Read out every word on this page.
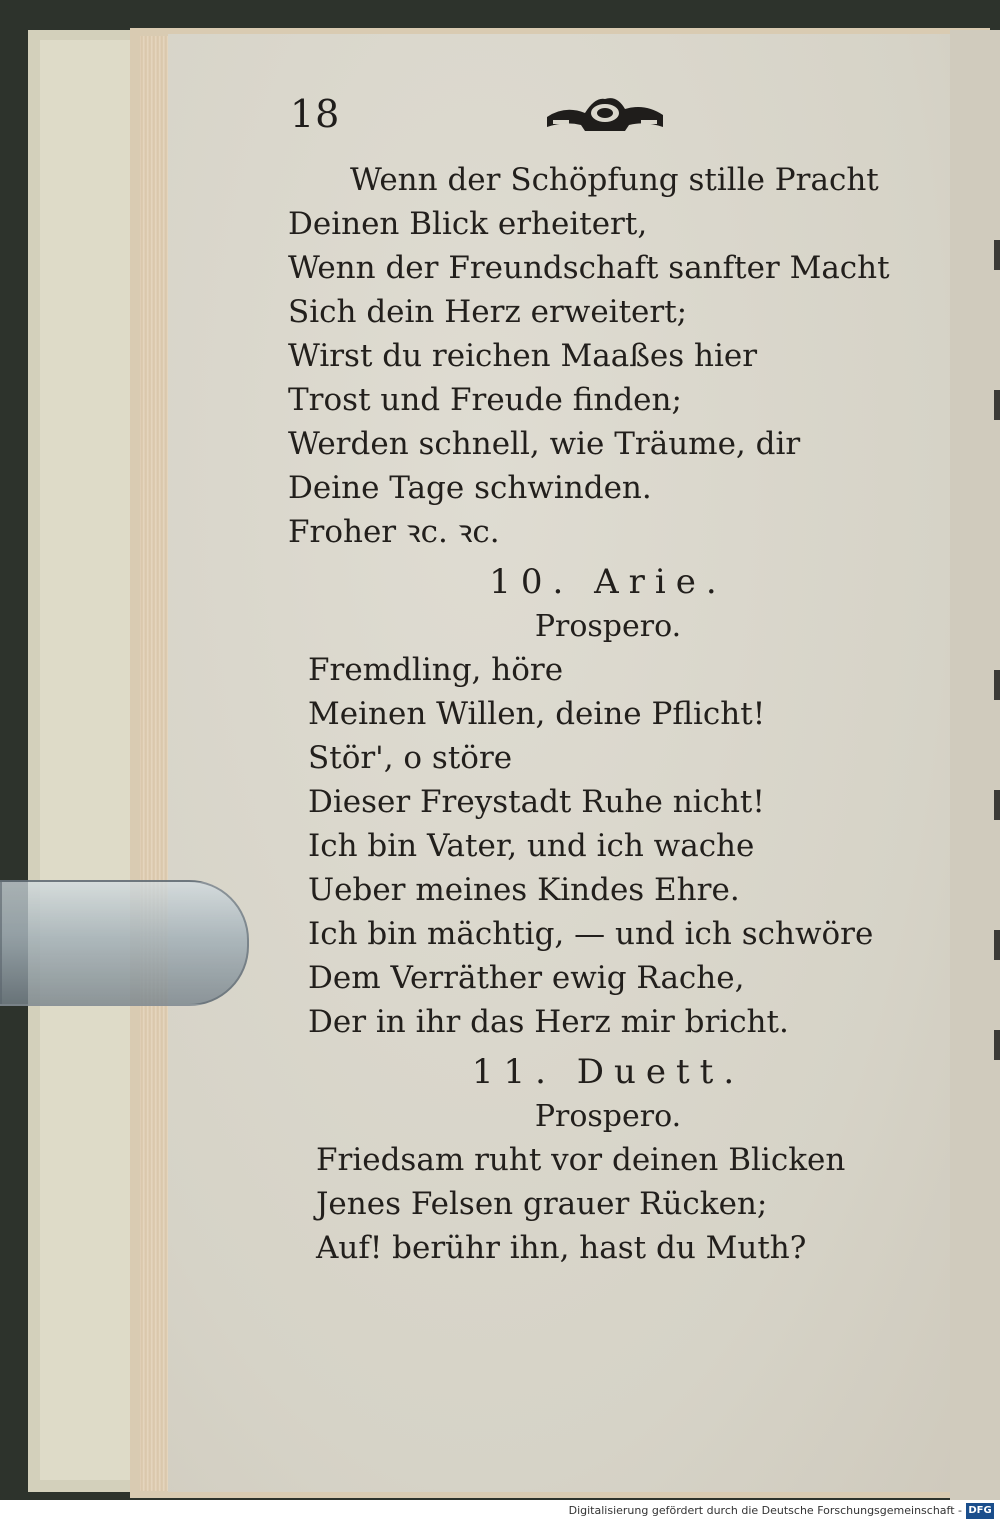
18
Wenn der Schöpfung stille Pracht
Deinen Blick erheitert,
Wenn der Freundschaft sanfter Macht
Sich dein Herz erweitert;
Wirst du reichen Maaßes hier
Trost und Freude finden;
Werden schnell, wie Träume, dir
Deine Tage schwinden.
Froher ꝛc. ꝛc.
10. Arie.
Prospero.
Fremdling, höre
Meinen Willen, deine Pflicht!
Stör', o störe
Dieser Freystadt Ruhe nicht!
Ich bin Vater, und ich wache
Ueber meines Kindes Ehre.
Ich bin mächtig, — und ich schwöre
Dem Verräther ewig Rache,
Der in ihr das Herz mir bricht.
11. Duett.
Prospero.
Friedsam ruht vor deinen Blicken
Jenes Felsen grauer Rücken;
Auf! berühr ihn, hast du Muth?
Digitalisierung gefördert durch die Deutsche Forschungsgemeinschaft - DFG
